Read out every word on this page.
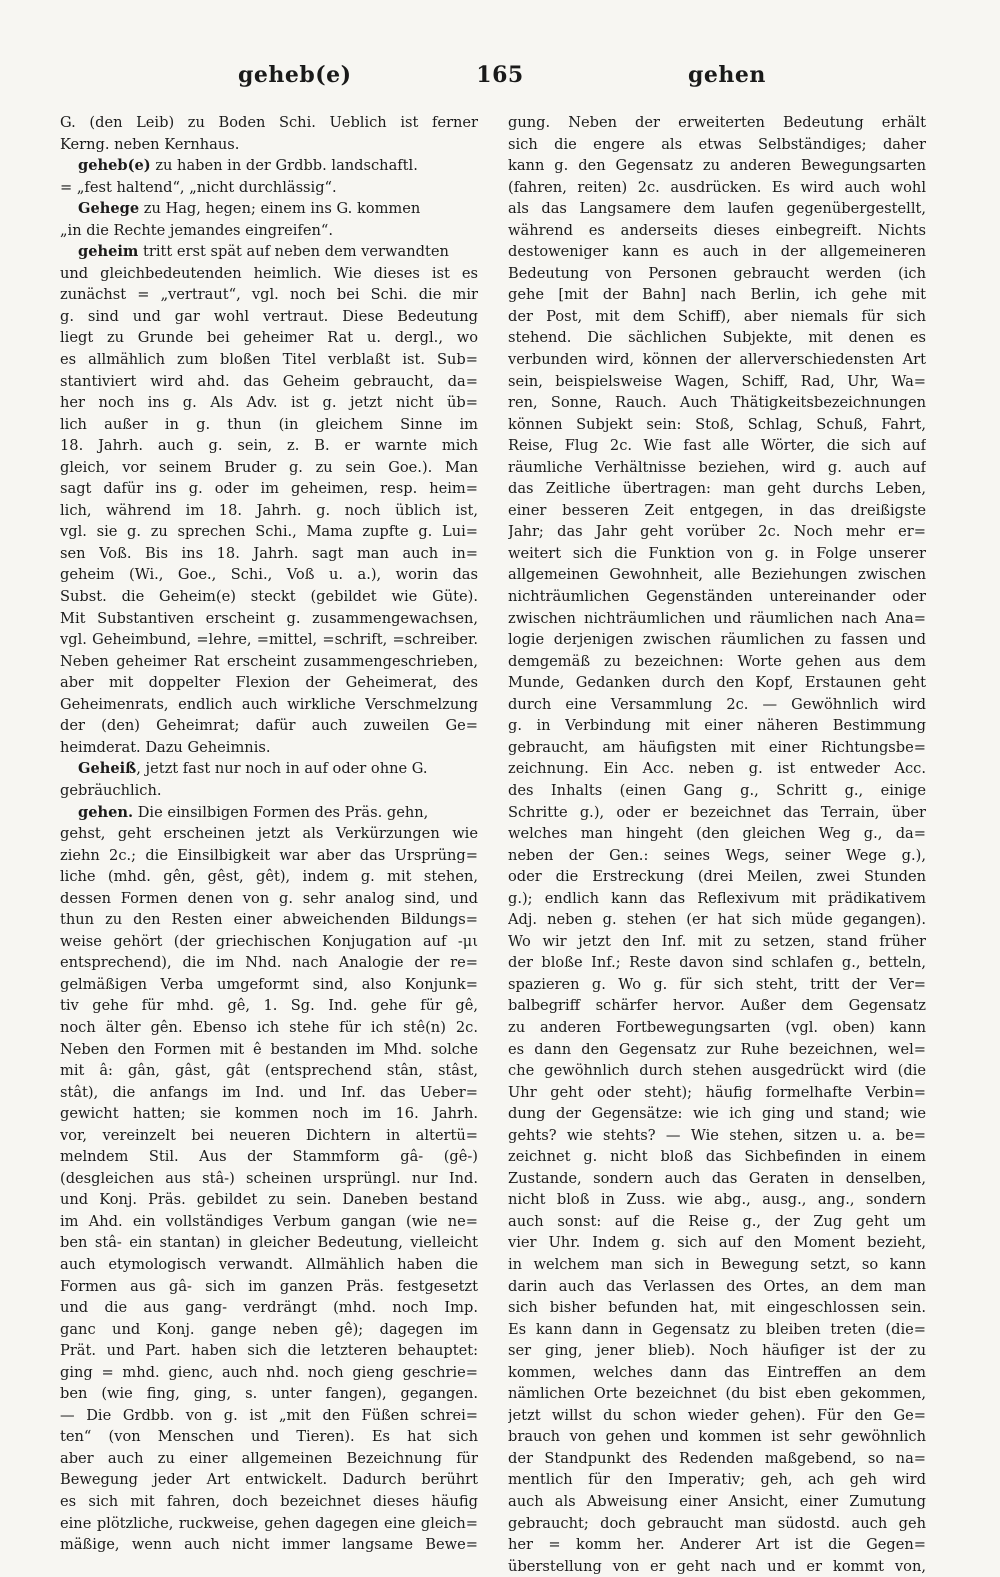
geheb(e)	165	gehen
G. (den Leib) zu Boden Schi. Ueblich ist ferner
Kerng. neben Kernhaus.
geheb(e) zu haben in der Grdbb. landschaftl.
= „fest haltend“, „nicht durchlässig“.
Gehege zu Hag, hegen; einem ins G. kommen
„in die Rechte jemandes eingreifen“.
geheim tritt erst spät auf neben dem verwandten
und gleichbedeutenden heimlich. Wie dieses ist es
zunächst = „vertraut“, vgl. noch bei Schi. die mir
g. sind und gar wohl vertraut. Diese Bedeutung
liegt zu Grunde bei geheimer Rat u. dergl., wo
es allmählich zum bloßen Titel verblaßt ist. Sub=
stantiviert wird ahd. das Geheim gebraucht, da=
her noch ins g. Als Adv. ist g. jetzt nicht üb=
lich außer in g. thun (in gleichem Sinne im
18. Jahrh. auch g. sein, z. B. er warnte mich
gleich, vor seinem Bruder g. zu sein Goe.). Man
sagt dafür ins g. oder im geheimen, resp. heim=
lich, während im 18. Jahrh. g. noch üblich ist,
vgl. sie g. zu sprechen Schi., Mama zupfte g. Lui=
sen Voß. Bis ins 18. Jahrh. sagt man auch in=
geheim (Wi., Goe., Schi., Voß u. a.), worin das
Subst. die Geheim(e) steckt (gebildet wie Güte).
Mit Substantiven erscheint g. zusammengewachsen,
vgl. Geheimbund, =lehre, =mittel, =schrift, =schreiber.
Neben geheimer Rat erscheint zusammengeschrieben,
aber mit doppelter Flexion der Geheimerat, des
Geheimenrats, endlich auch wirkliche Verschmelzung
der (den) Geheimrat; dafür auch zuweilen Ge=
heimderat. Dazu Geheimnis.
Geheiß, jetzt fast nur noch in auf oder ohne G.
gebräuchlich.
gehen. Die einsilbigen Formen des Präs. gehn,
gehst, geht erscheinen jetzt als Verkürzungen wie
ziehn 2c.; die Einsilbigkeit war aber das Ursprüng=
liche (mhd. gên, gêst, gêt), indem g. mit stehen,
dessen Formen denen von g. sehr analog sind, und
thun zu den Resten einer abweichenden Bildungs=
weise gehört (der griechischen Konjugation auf -μι
entsprechend), die im Nhd. nach Analogie der re=
gelmäßigen Verba umgeformt sind, also Konjunk=
tiv gehe für mhd. gê, 1. Sg. Ind. gehe für gê,
noch älter gên. Ebenso ich stehe für ich stê(n) 2c.
Neben den Formen mit ê bestanden im Mhd. solche
mit â: gân, gâst, gât (entsprechend stân, stâst,
stât), die anfangs im Ind. und Inf. das Ueber=
gewicht hatten; sie kommen noch im 16. Jahrh.
vor, vereinzelt bei neueren Dichtern in altertü=
melndem Stil. Aus der Stammform gâ- (gê-)
(desgleichen aus stâ-) scheinen ursprüngl. nur Ind.
und Konj. Präs. gebildet zu sein. Daneben bestand
im Ahd. ein vollständiges Verbum gangan (wie ne=
ben stâ- ein stantan) in gleicher Bedeutung, vielleicht
auch etymologisch verwandt. Allmählich haben die
Formen aus gâ- sich im ganzen Präs. festgesetzt
und die aus gang- verdrängt (mhd. noch Imp.
ganc und Konj. gange neben gê); dagegen im
Prät. und Part. haben sich die letzteren behauptet:
ging = mhd. gienc, auch nhd. noch gieng geschrie=
ben (wie fing, ging, s. unter fangen), gegangen.
— Die Grdbb. von g. ist „mit den Füßen schrei=
ten“ (von Menschen und Tieren). Es hat sich
aber auch zu einer allgemeinen Bezeichnung für
Bewegung jeder Art entwickelt. Dadurch berührt
es sich mit fahren, doch bezeichnet dieses häufig
eine plötzliche, ruckweise, gehen dagegen eine gleich=
mäßige, wenn auch nicht immer langsame Bewe=
gung. Neben der erweiterten Bedeutung erhält
sich die engere als etwas Selbständiges; daher
kann g. den Gegensatz zu anderen Bewegungsarten
(fahren, reiten) 2c. ausdrücken. Es wird auch wohl
als das Langsamere dem laufen gegenübergestellt,
während es anderseits dieses einbegreift. Nichts
destoweniger kann es auch in der allgemeineren
Bedeutung von Personen gebraucht werden (ich
gehe [mit der Bahn] nach Berlin, ich gehe mit
der Post, mit dem Schiff), aber niemals für sich
stehend. Die sächlichen Subjekte, mit denen es
verbunden wird, können der allerverschiedensten Art
sein, beispielsweise Wagen, Schiff, Rad, Uhr, Wa=
ren, Sonne, Rauch. Auch Thätigkeitsbezeichnungen
können Subjekt sein: Stoß, Schlag, Schuß, Fahrt,
Reise, Flug 2c. Wie fast alle Wörter, die sich auf
räumliche Verhältnisse beziehen, wird g. auch auf
das Zeitliche übertragen: man geht durchs Leben,
einer besseren Zeit entgegen, in das dreißigste
Jahr; das Jahr geht vorüber 2c. Noch mehr er=
weitert sich die Funktion von g. in Folge unserer
allgemeinen Gewohnheit, alle Beziehungen zwischen
nichträumlichen Gegenständen untereinander oder
zwischen nichträumlichen und räumlichen nach Ana=
logie derjenigen zwischen räumlichen zu fassen und
demgemäß zu bezeichnen: Worte gehen aus dem
Munde, Gedanken durch den Kopf, Erstaunen geht
durch eine Versammlung 2c. — Gewöhnlich wird
g. in Verbindung mit einer näheren Bestimmung
gebraucht, am häufigsten mit einer Richtungsbe=
zeichnung. Ein Acc. neben g. ist entweder Acc.
des Inhalts (einen Gang g., Schritt g., einige
Schritte g.), oder er bezeichnet das Terrain, über
welches man hingeht (den gleichen Weg g., da=
neben der Gen.: seines Wegs, seiner Wege g.),
oder die Erstreckung (drei Meilen, zwei Stunden
g.); endlich kann das Reflexivum mit prädikativem
Adj. neben g. stehen (er hat sich müde gegangen).
Wo wir jetzt den Inf. mit zu setzen, stand früher
der bloße Inf.; Reste davon sind schlafen g., betteln,
spazieren g. Wo g. für sich steht, tritt der Ver=
balbegriff schärfer hervor. Außer dem Gegensatz
zu anderen Fortbewegungsarten (vgl. oben) kann
es dann den Gegensatz zur Ruhe bezeichnen, wel=
che gewöhnlich durch stehen ausgedrückt wird (die
Uhr geht oder steht); häufig formelhafte Verbin=
dung der Gegensätze: wie ich ging und stand; wie
gehts? wie stehts? — Wie stehen, sitzen u. a. be=
zeichnet g. nicht bloß das Sichbefinden in einem
Zustande, sondern auch das Geraten in denselben,
nicht bloß in Zuss. wie abg., ausg., ang., sondern
auch sonst: auf die Reise g., der Zug geht um
vier Uhr. Indem g. sich auf den Moment bezieht,
in welchem man sich in Bewegung setzt, so kann
darin auch das Verlassen des Ortes, an dem man
sich bisher befunden hat, mit eingeschlossen sein.
Es kann dann in Gegensatz zu bleiben treten (die=
ser ging, jener blieb). Noch häufiger ist der zu
kommen, welches dann das Eintreffen an dem
nämlichen Orte bezeichnet (du bist eben gekommen,
jetzt willst du schon wieder gehen). Für den Ge=
brauch von gehen und kommen ist sehr gewöhnlich
der Standpunkt des Redenden maßgebend, so na=
mentlich für den Imperativ; geh, ach geh wird
auch als Abweisung einer Ansicht, einer Zumutung
gebraucht; doch gebraucht man südostd. auch geh
her = komm her. Anderer Art ist die Gegen=
überstellung von er geht nach und er kommt von,
